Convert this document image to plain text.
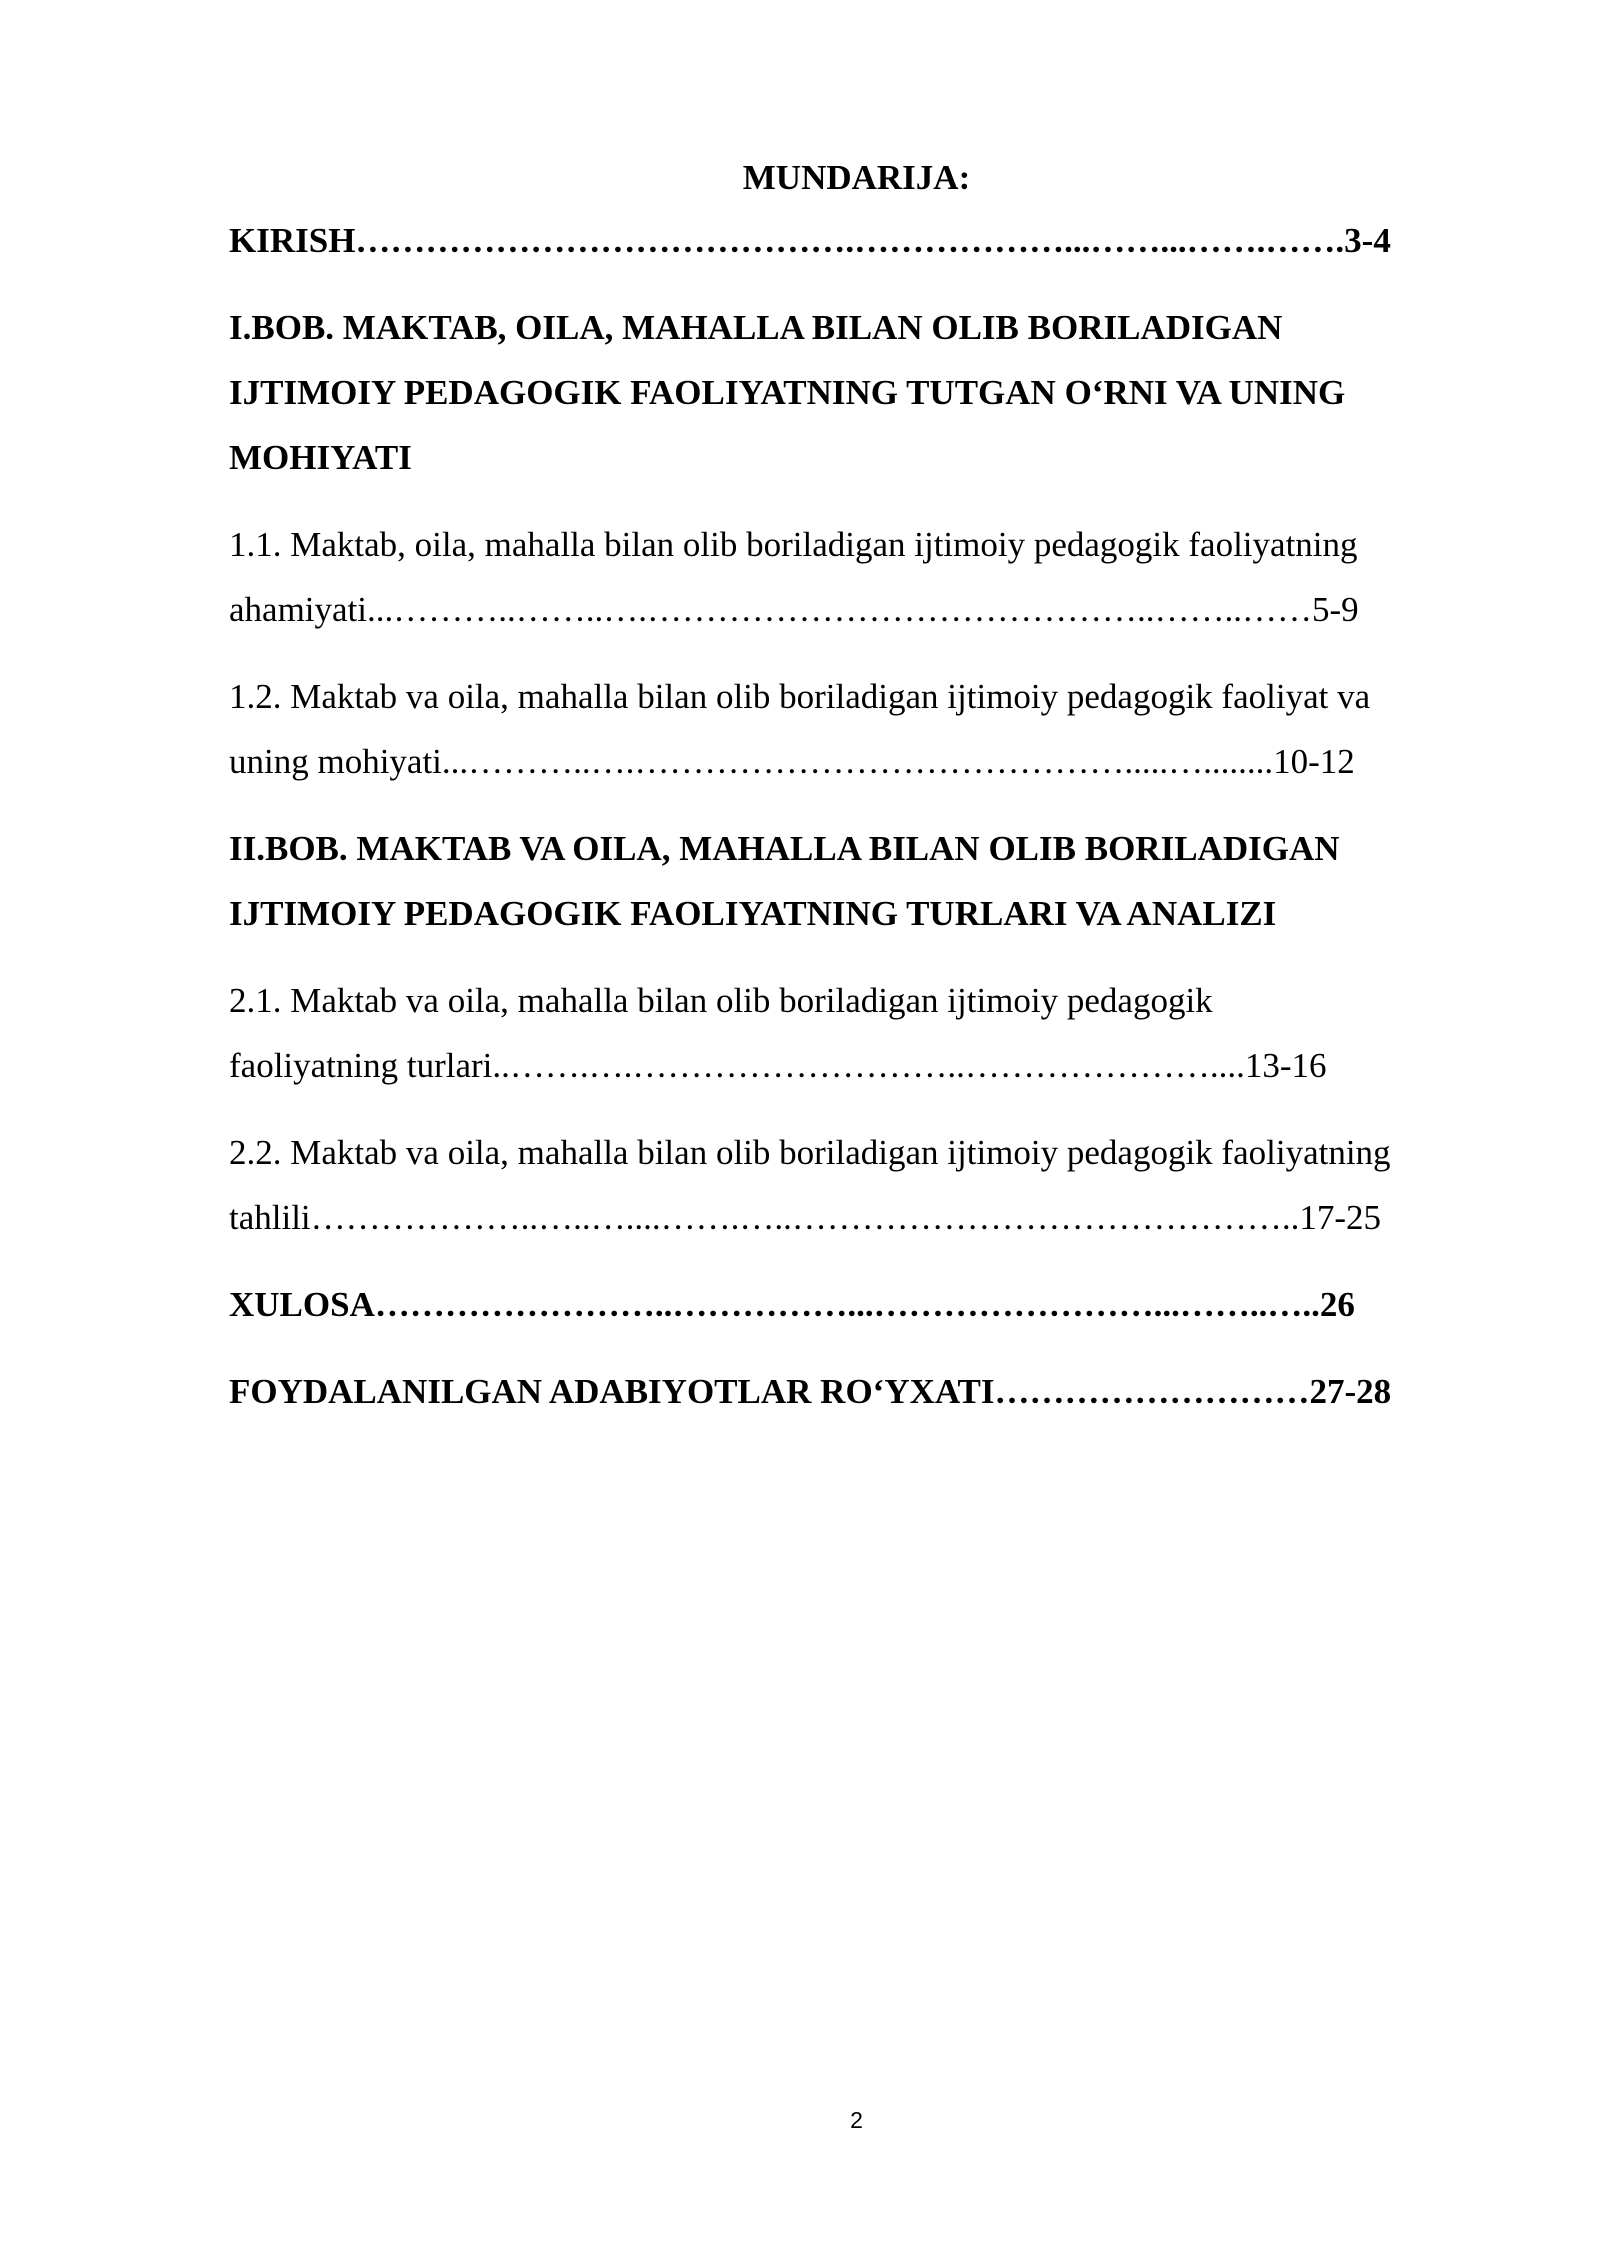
MUNDARIJA:

KIRISH…………………………………….………………...……...…….…….3-4

I.BOB. MAKTAB, OILA, MAHALLA BILAN OLIB BORILADIGAN

IJTIMOIY PEDAGOGIK FAOLIYATNING TUTGAN O‘RNI VA UNING

MOHIYATI

1.1. Maktab, oila, mahalla bilan olib boriladigan ijtimoiy pedagogik faoliyatning

ahamiyati...………..……..….……………………………………..……..……5-9

1.2. Maktab va oila, mahalla bilan olib boriladigan ijtimoiy pedagogik faoliyat va

uning mohiyati...………..….…………………………………….....…........10-12

II.BOB. MAKTAB VA OILA, MAHALLA BILAN OLIB BORILADIGAN

IJTIMOIY PEDAGOGIK FAOLIYATNING TURLARI VA ANALIZI

2.1. Maktab va oila, mahalla bilan olib boriladigan ijtimoiy pedagogik

faoliyatning turlari..…….….………………………..…………………....13-16

2.2. Maktab va oila, mahalla bilan olib boriladigan ijtimoiy pedagogik faoliyatning

tahlili………………..…..…....…….…..……………………………………..17-25

XULOSA……………………..……………...……………………...……..…..26

FOYDALANILGAN ADABIYOTLAR RO‘YXATI………………………27-28

2
